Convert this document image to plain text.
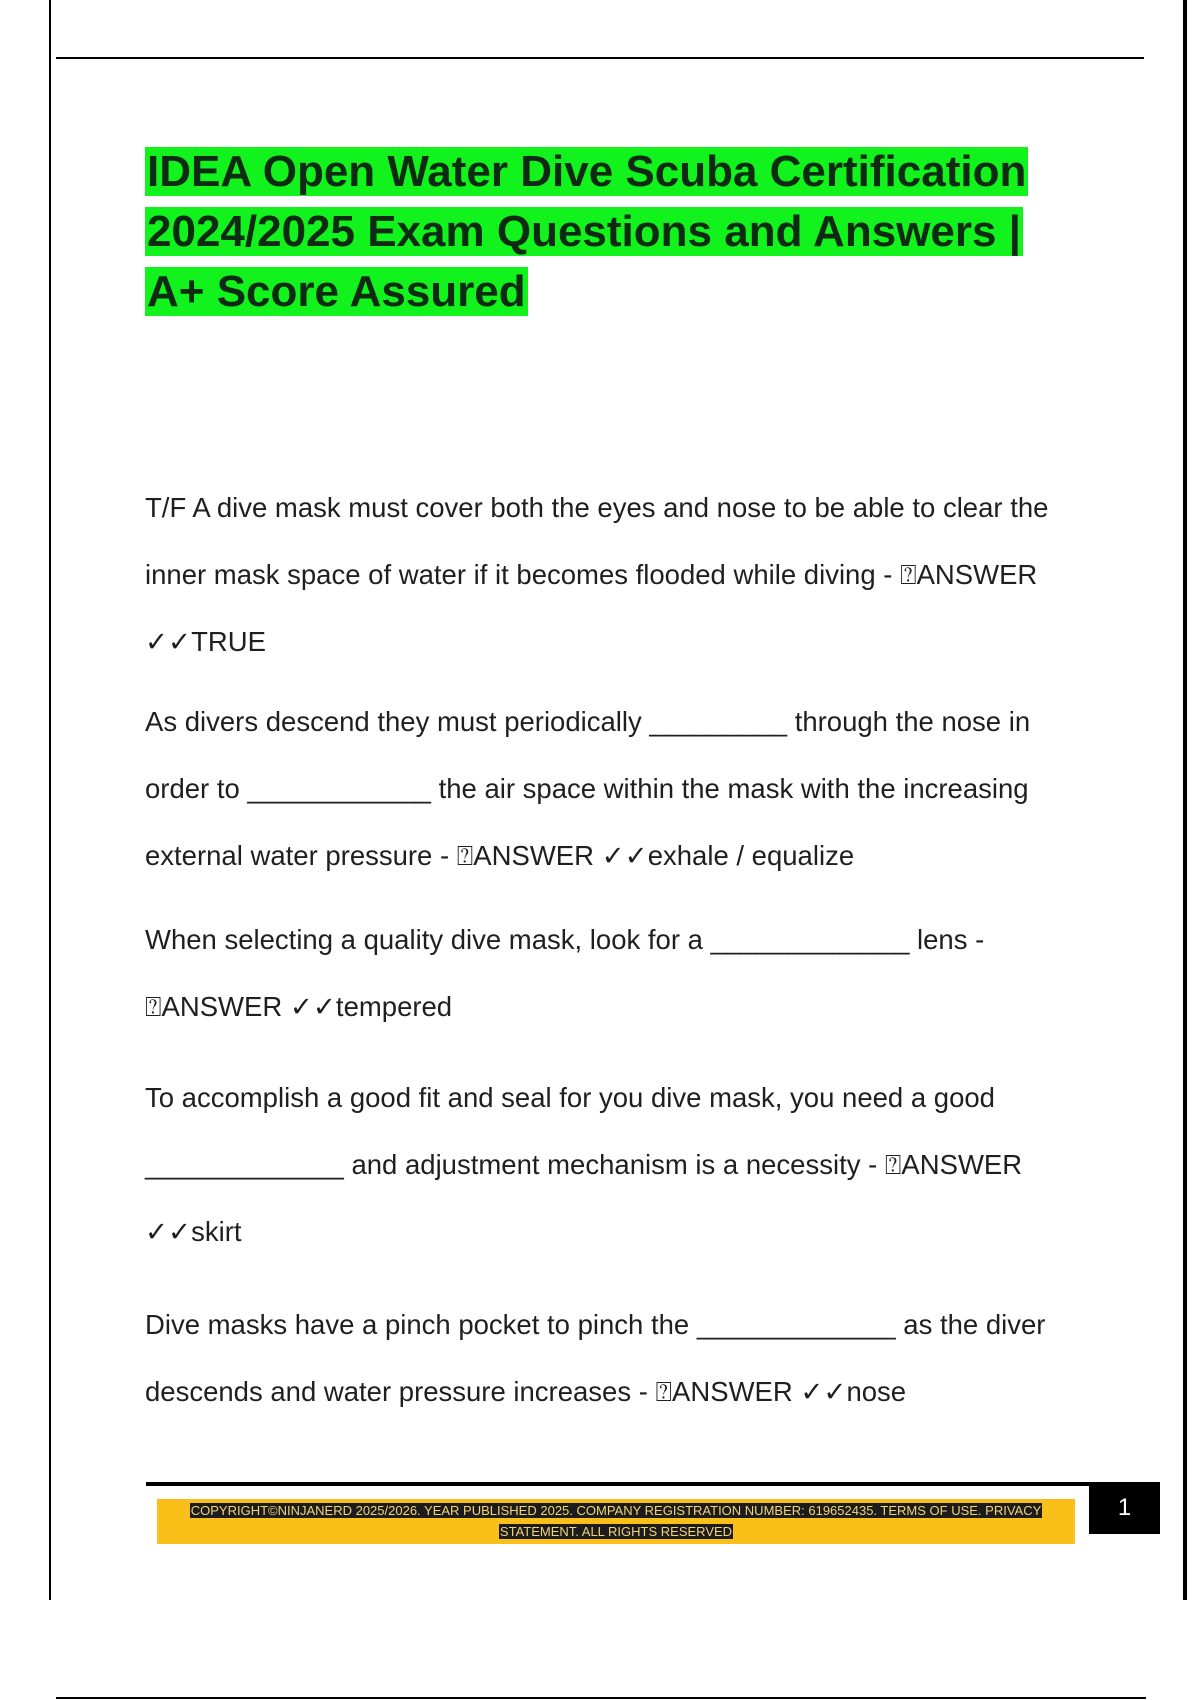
IDEA Open Water Dive Scuba Certification 2024/2025 Exam Questions and Answers | A+ Score Assured

T/F A dive mask must cover both the eyes and nose to be able to clear the inner mask space of water if it becomes flooded while diving - ⍰ANSWER ✓✓TRUE

As divers descend they must periodically _________ through the nose in order to ____________ the air space within the mask with the increasing external water pressure - ⍰ANSWER ✓✓exhale / equalize

When selecting a quality dive mask, look for a _____________ lens - ⍰ANSWER ✓✓tempered

To accomplish a good fit and seal for you dive mask, you need a good _____________ and adjustment mechanism is a necessity - ⍰ANSWER ✓✓skirt

Dive masks have a pinch pocket to pinch the _____________ as the diver descends and water pressure increases - ⍰ANSWER ✓✓nose

COPYRIGHT©NINJANERD 2025/2026. YEAR PUBLISHED 2025. COMPANY REGISTRATION NUMBER: 619652435. TERMS OF USE. PRIVACY STATEMENT. ALL RIGHTS RESERVED
1
